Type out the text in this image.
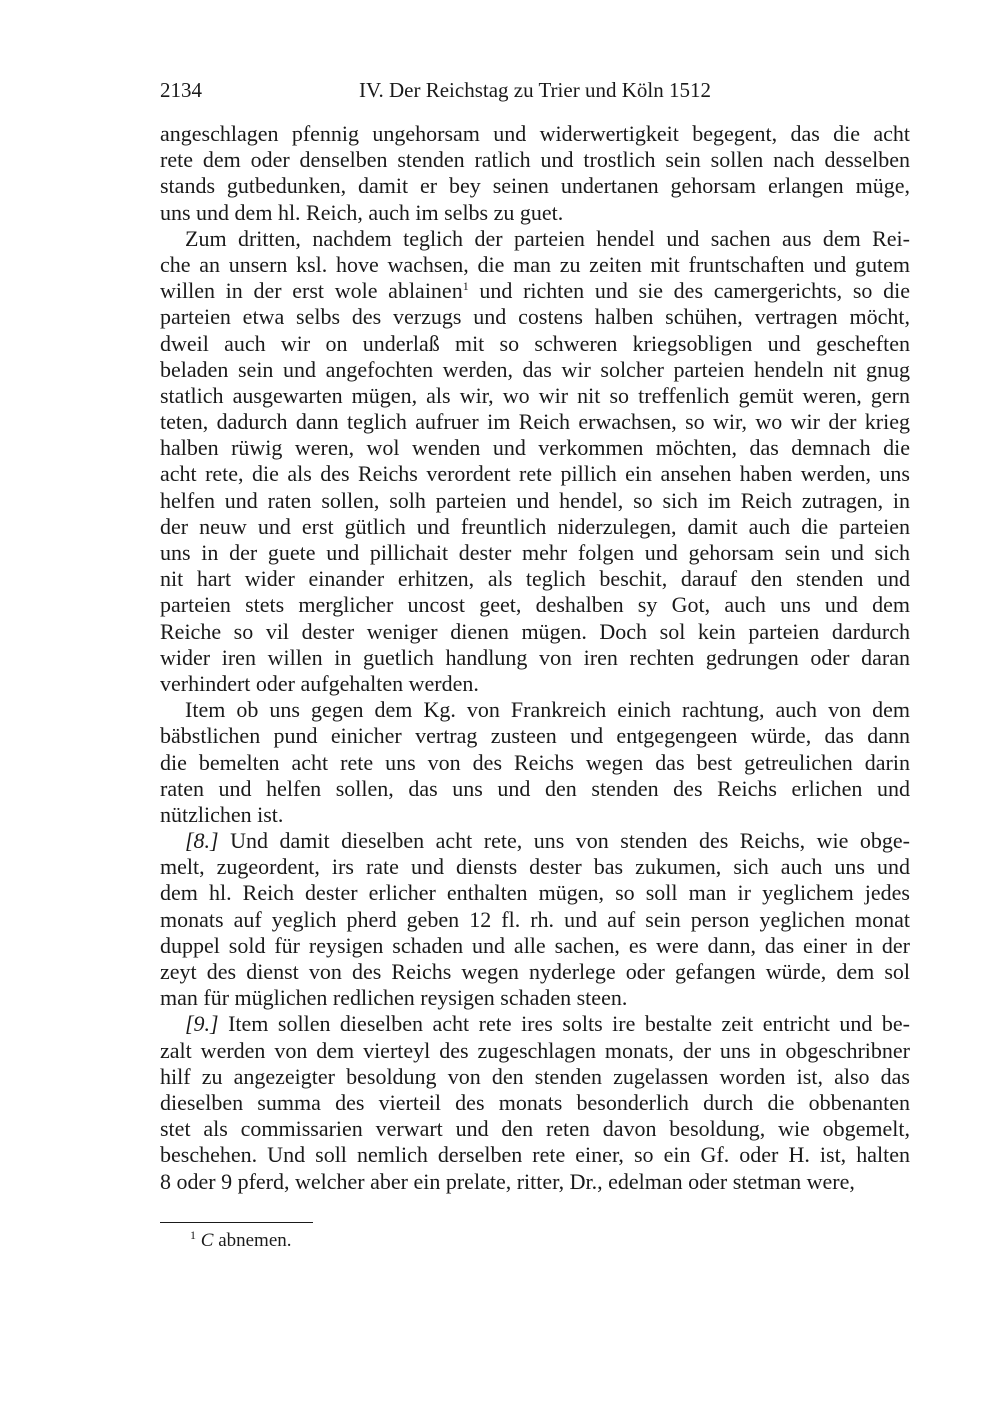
2134	IV. Der Reichstag zu Trier und Köln 1512
angeschlagen pfennig ungehorsam und widerwertigkeit begegent, das die acht
rete dem oder denselben stenden ratlich und trostlich sein sollen nach desselben
stands gutbedunken, damit er bey seinen undertanen gehorsam erlangen müge,
uns und dem hl. Reich, auch im selbs zu guet.
Zum dritten, nachdem teglich der parteien hendel und sachen aus dem Rei-
che an unsern ksl. hove wachsen, die man zu zeiten mit fruntschaften und gutem
willen in der erst wole ablainen$^1$ und richten und sie des camergerichts, so die
parteien etwa selbs des verzugs und costens halben schühen, vertragen möcht,
dweil auch wir on underlaß mit so schweren kriegsobligen und gescheften
beladen sein und angefochten werden, das wir solcher parteien hendeln nit gnug
statlich ausgewarten mügen, als wir, wo wir nit so treffenlich gemüt weren, gern
teten, dadurch dann teglich aufruer im Reich erwachsen, so wir, wo wir der krieg
halben rüwig weren, wol wenden und verkommen möchten, das demnach die
acht rete, die als des Reichs verordent rete pillich ein ansehen haben werden, uns
helfen und raten sollen, solh parteien und hendel, so sich im Reich zutragen, in
der neuw und erst gütlich und freuntlich niderzulegen, damit auch die parteien
uns in der guete und pillichait dester mehr folgen und gehorsam sein und sich
nit hart wider einander erhitzen, als teglich beschit, darauf den stenden und
parteien stets merglicher uncost geet, deshalben sy Got, auch uns und dem
Reiche so vil dester weniger dienen mügen. Doch sol kein parteien dardurch
wider iren willen in guetlich handlung von iren rechten gedrungen oder daran
verhindert oder aufgehalten werden.
Item ob uns gegen dem Kg. von Frankreich einich rachtung, auch von dem
bäbstlichen pund einicher vertrag zusteen und entgegengeen würde, das dann
die bemelten acht rete uns von des Reichs wegen das best getreulichen darin
raten und helfen sollen, das uns und den stenden des Reichs erlichen und
nützlichen ist.
[8.] Und damit dieselben acht rete, uns von stenden des Reichs, wie obge-
melt, zugeordent, irs rate und diensts dester bas zukumen, sich auch uns und
dem hl. Reich dester erlicher enthalten mügen, so soll man ir yeglichem jedes
monats auf yeglich pherd geben 12 fl. rh. und auf sein person yeglichen monat
duppel sold für reysigen schaden und alle sachen, es were dann, das einer in der
zeyt des dienst von des Reichs wegen nyderlege oder gefangen würde, dem sol
man für müglichen redlichen reysigen schaden steen.
[9.] Item sollen dieselben acht rete ires solts ire bestalte zeit entricht und be-
zalt werden von dem vierteyl des zugeschlagen monats, der uns in obgeschribner
hilf zu angezeigter besoldung von den stenden zugelassen worden ist, also das
dieselben summa des vierteil des monats besonderlich durch die obbenanten
stet als commissarien verwart und den reten davon besoldung, wie obgemelt,
beschehen. Und soll nemlich derselben rete einer, so ein Gf. oder H. ist, halten
8 oder 9 pferd, welcher aber ein prelate, ritter, Dr., edelman oder stetman were,
$^1$ C abnemen.
